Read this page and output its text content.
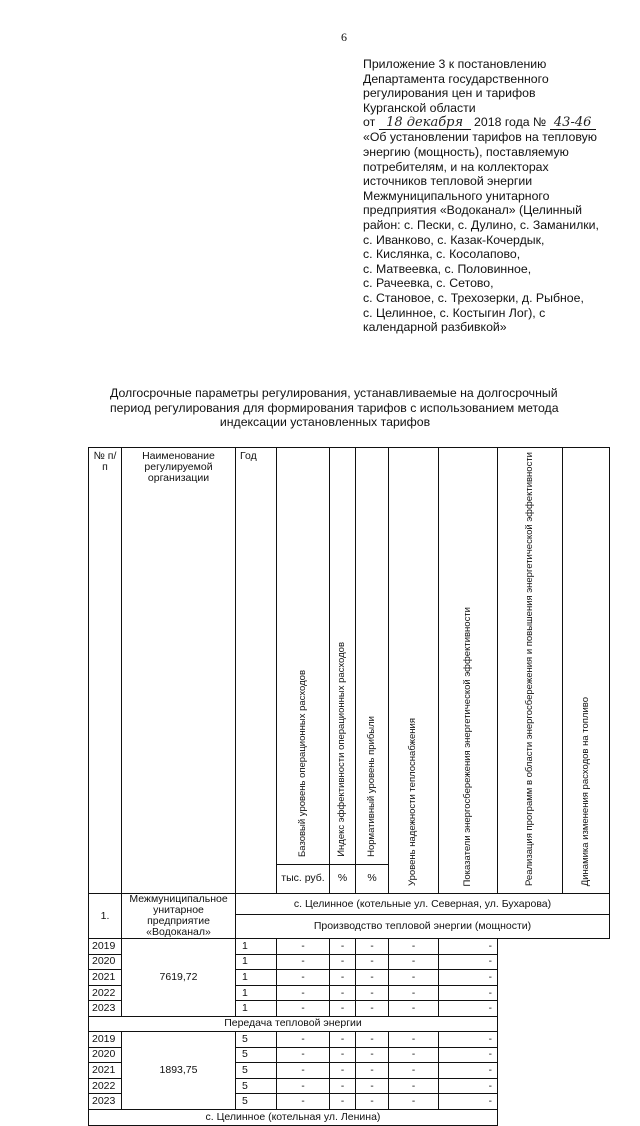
6
Приложение 3 к постановлению
Департамента государственного
регулирования цен и тарифов
Курганской области
от 18 декабря 2018 года № 43-46
«Об установлении тарифов на тепловую
энергию (мощность), поставляемую
потребителям, и на коллекторах
источников тепловой энергии
Межмуниципального унитарного
предприятия «Водоканал» (Целинный
район: с. Пески, с. Дулино, с. Заманилки,
с. Иванково, с. Казак-Кочердык,
с. Кислянка, с. Косолапово,
с. Матвеевка, с. Половинное,
с. Рачеевка, с. Сетово,
с. Становое, с. Трехозерки, д. Рыбное,
с. Целинное, с. Костыгин Лог), с
календарной разбивкой»
Долгосрочные параметры регулирования, устанавливаемые на долгосрочный
период регулирования для формирования тарифов с использованием метода
индексации установленных тарифов
№ п/п	Наименование регулируемой организации	Год	Базовый уровень операционных расходов	Индекс эффективности операционных расходов	Нормативный уровень прибыли	Уровень надежности теплоснабжения	Показатели энергосбережения энергетической эффективности	Реализация программ в области энергосбережения и повышения энергетической эффективности	Динамика изменения расходов на топливо
			тыс. руб.	%	%				
1.	Межмуниципальное унитарное предприятие «Водоканал»	с. Целинное (котельные ул. Северная, ул. Бухарова)							
		Производство тепловой энергии (мощности)							
2019	7619,72	1	-	-	-	-	-		
2020		1	-	-	-	-	-		
2021		1	-	-	-	-	-		
2022		1	-	-	-	-	-		
2023		1	-	-	-	-	-		
Передача тепловой энергии									
2019	1893,75	5	-	-	-	-	-		
2020		5	-	-	-	-	-		
2021		5	-	-	-	-	-		
2022		5	-	-	-	-	-		
2023		5	-	-	-	-	-		
с. Целинное (котельная ул. Ленина)									
